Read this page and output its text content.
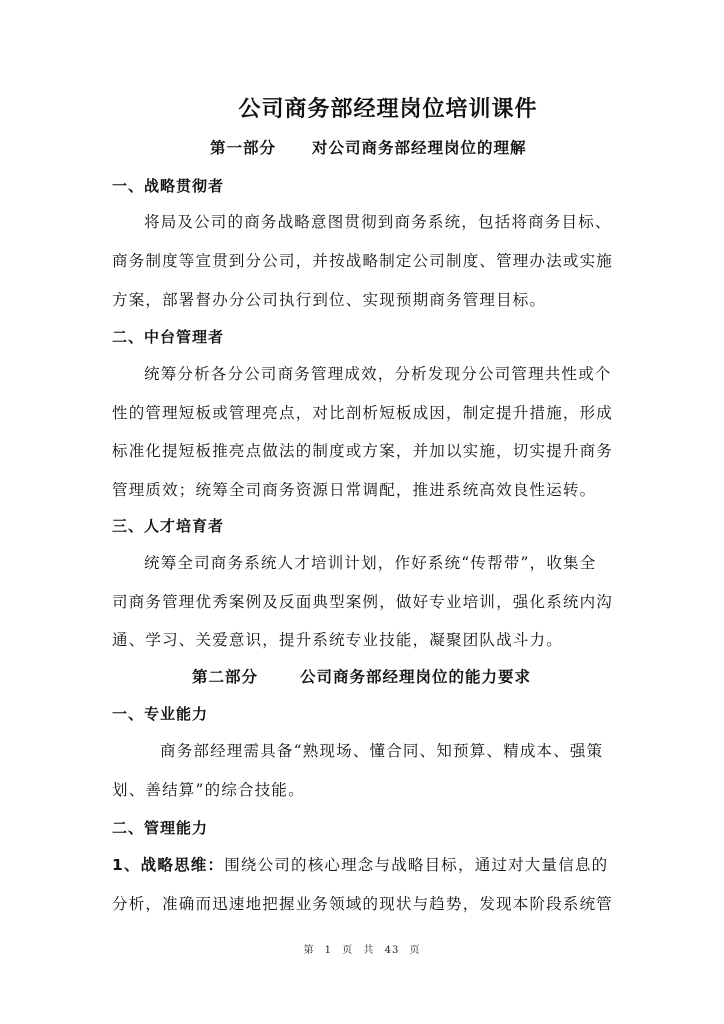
公司商务部经理岗位培训课件
第一部分 对公司商务部经理岗位的理解
一、战略贯彻者
将局及公司的商务战略意图贯彻到商务系统，包括将商务目标、
商务制度等宣贯到分公司，并按战略制定公司制度、管理办法或实施
方案，部署督办分公司执行到位、实现预期商务管理目标。
二、中台管理者
统筹分析各分公司商务管理成效，分析发现分公司管理共性或个
性的管理短板或管理亮点，对比剖析短板成因，制定提升措施，形成
标准化提短板推亮点做法的制度或方案，并加以实施，切实提升商务
管理质效；统筹全司商务资源日常调配，推进系统高效良性运转。
三、人才培育者
统筹全司商务系统人才培训计划，作好系统“传帮带”，收集全
司商务管理优秀案例及反面典型案例，做好专业培训，强化系统内沟
通、学习、关爱意识，提升系统专业技能，凝聚团队战斗力。
第二部分	公司商务部经理岗位的能力要求
一、专业能力
商务部经理需具备“熟现场、懂合同、知预算、精成本、强策
划、善结算”的综合技能。
二、管理能力
1、战略思维：围绕公司的核心理念与战略目标，通过对大量信息的
分析，准确而迅速地把握业务领域的现状与趋势，发现本阶段系统管
第 1 页 共 43 页
